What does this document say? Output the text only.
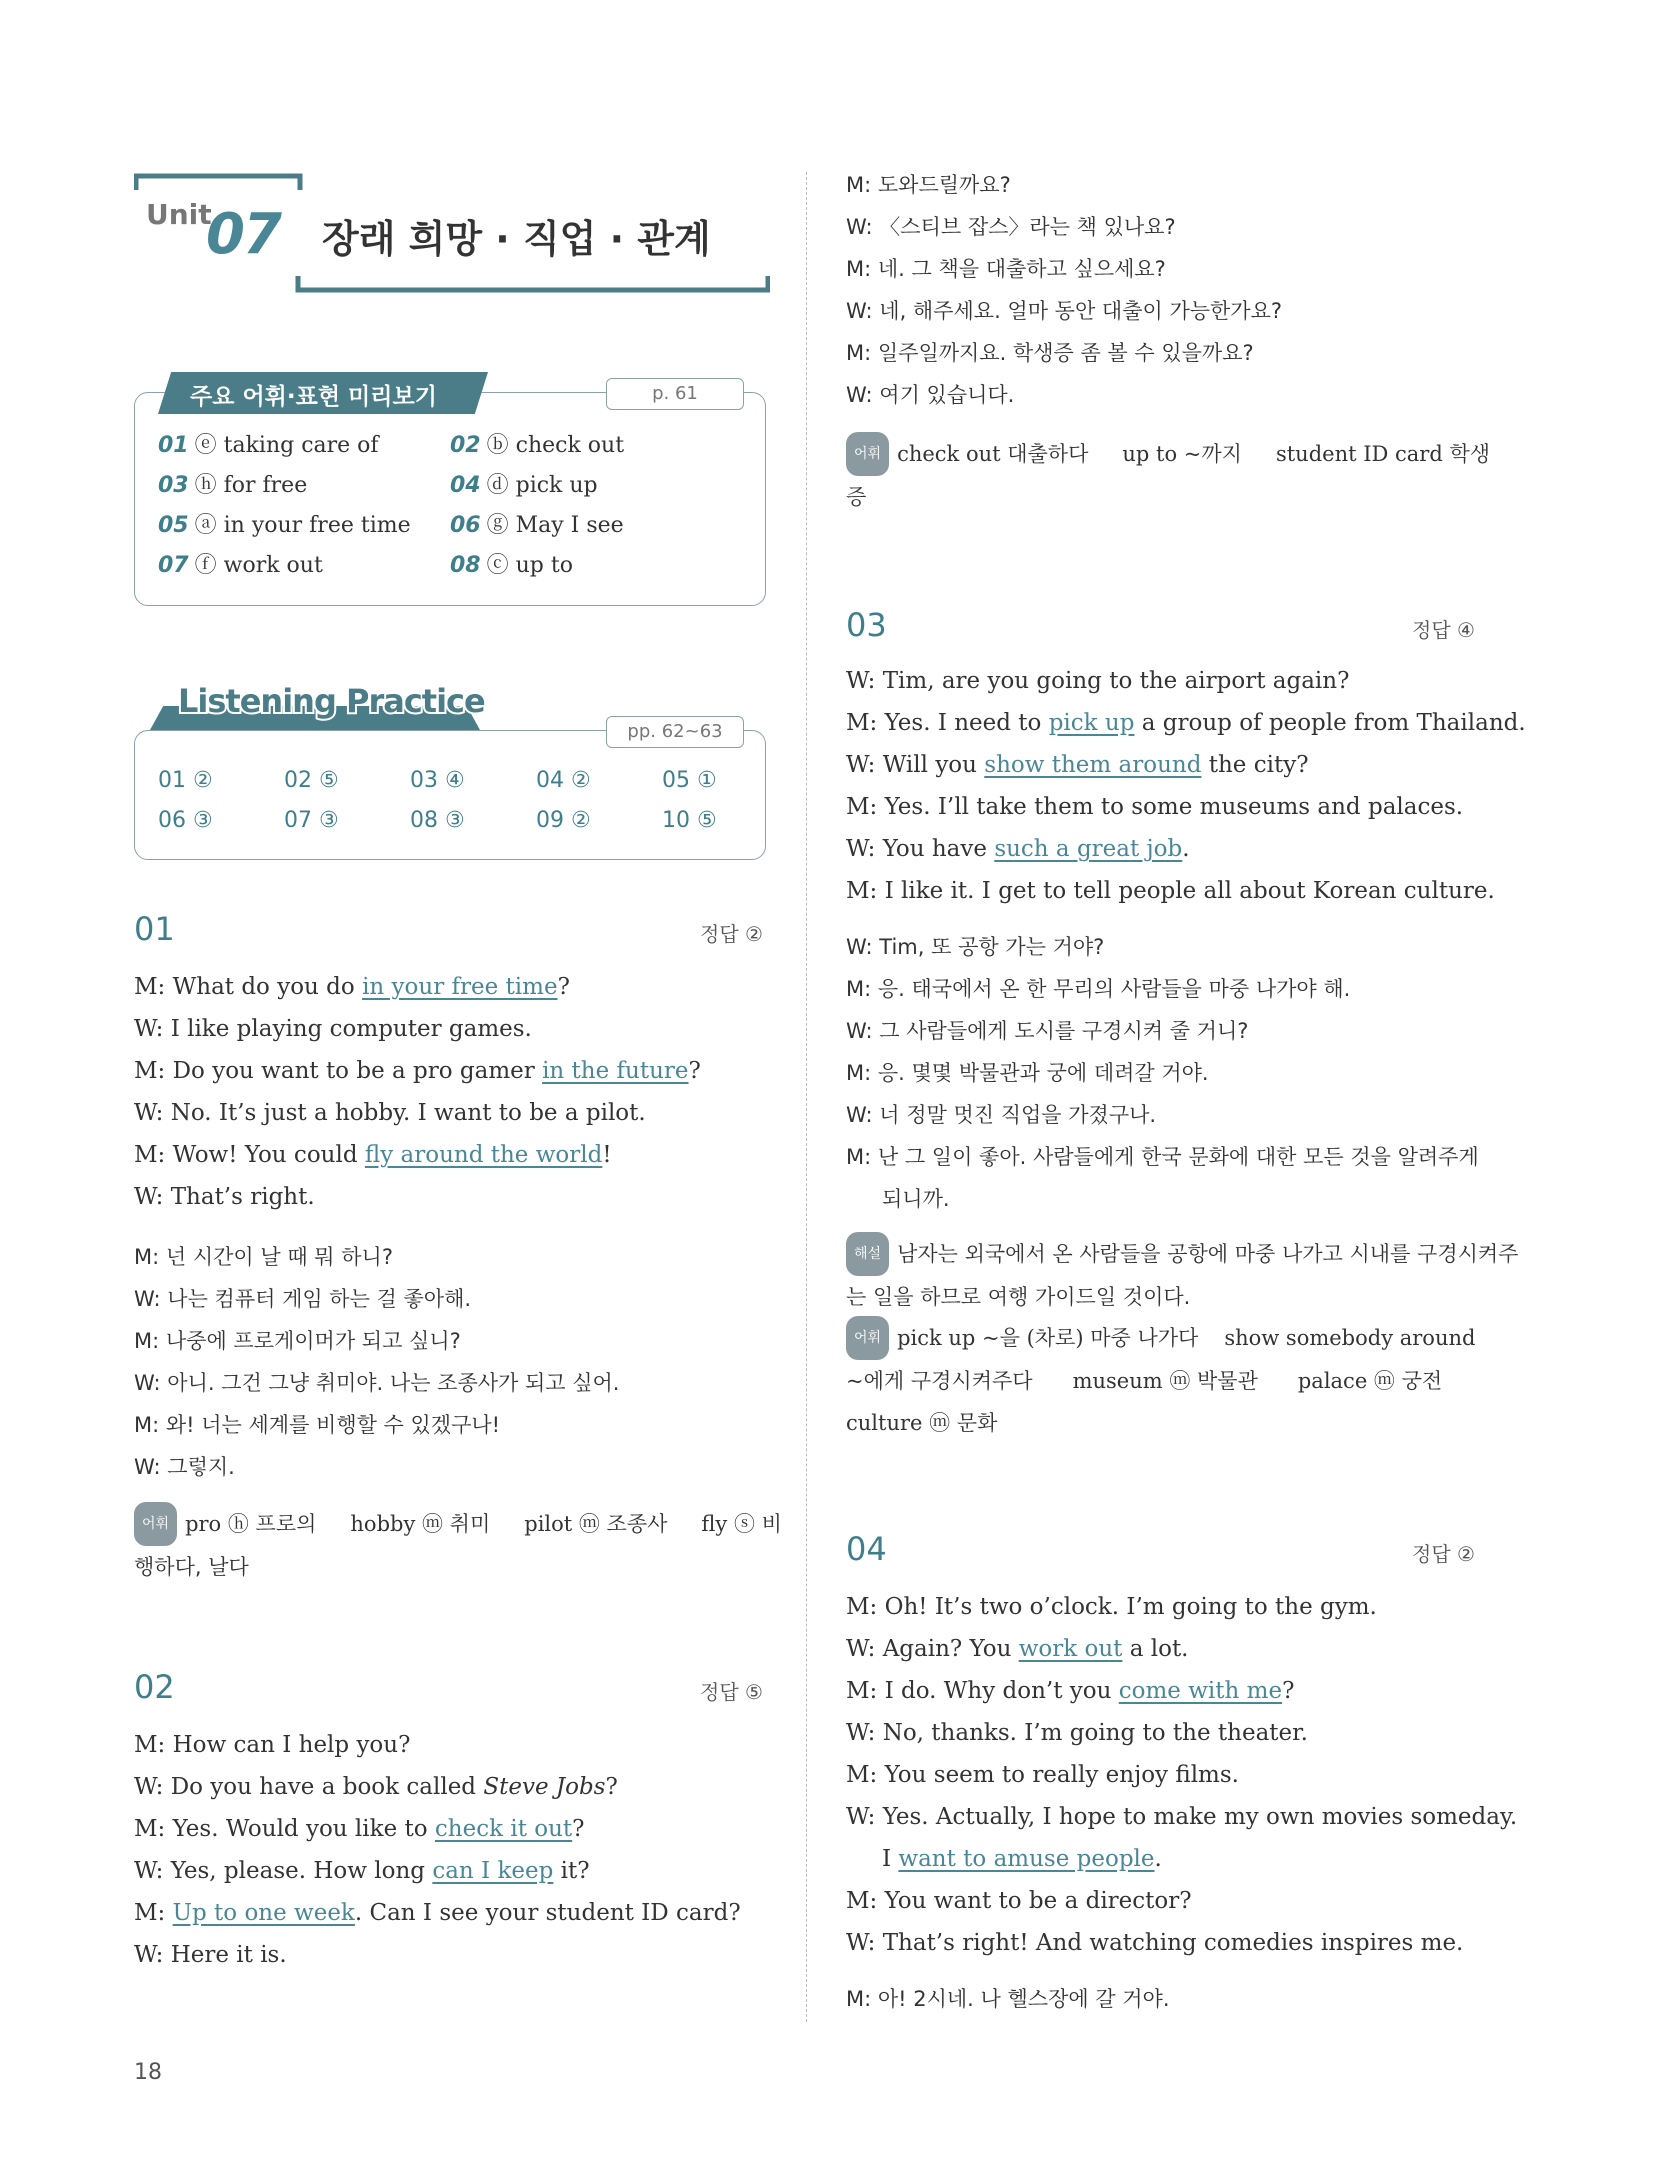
Unit
07 장래 희망 · 직업 · 관계
주요 어휘·표현 미리보기	p. 61
01 ⓔ taking care of	02 ⓑ check out
03 ⓗ for free	04 ⓓ pick up
05 ⓐ in your free time 06 ⓖ May I see
07 ⓕ work out	08 ⓒ up to
Listening Practice
pp. 62~63
01 ②	02 ⑤	03 ④	04 ②	05 ①
06 ③	07 ③	08 ③	09 ②	10 ⑤
01	정답 ②
M: What do you do in your free time?
W: I like playing computer games.
M: Do you want to be a pro gamer in the future?
W: No. It’s just a hobby. I want to be a pilot.
M: Wow! You could fly around the world!
W: That’s right.
M: 넌 시간이 날 때 뭐 하니?
W: 나는 컴퓨터 게임 하는 걸 좋아해.
M: 나중에 프로게이머가 되고 싶니?
W: 아니. 그건 그냥 취미야. 나는 조종사가 되고 싶어.
M: 와! 너는 세계를 비행할 수 있겠구나!
W: 그렇지.
어휘 pro ⓗ 프로의 hobby ⓜ 취미 pilot ⓜ 조종사 fly ⓢ 비
행하다, 날다
02	정답 ⑤
M: How can I help you?
W: Do you have a book called Steve Jobs?
M: Yes. Would you like to check it out?
W: Yes, please. How long can I keep it?
M: Up to one week. Can I see your student ID card?
W: Here it is.
M: 도와드릴까요?
W: 〈스티브 잡스〉라는 책 있나요?
M: 네. 그 책을 대출하고 싶으세요?
W: 네, 해주세요. 얼마 동안 대출이 가능한가요?
M: 일주일까지요. 학생증 좀 볼 수 있을까요?
W: 여기 있습니다.
어휘 check out 대출하다 up to ~까지 student ID card 학생
증
03	정답 ④
W: Tim, are you going to the airport again?
M: Yes. I need to pick up a group of people from Thailand.
W: Will you show them around the city?
M: Yes. I’ll take them to some museums and palaces.
W: You have such a great job.
M: I like it. I get to tell people all about Korean culture.
W: Tim, 또 공항 가는 거야?
M: 응. 태국에서 온 한 무리의 사람들을 마중 나가야 해.
W: 그 사람들에게 도시를 구경시켜 줄 거니?
M: 응. 몇몇 박물관과 궁에 데려갈 거야.
W: 너 정말 멋진 직업을 가졌구나.
M: 난 그 일이 좋아. 사람들에게 한국 문화에 대한 모든 것을 알려주게
되니까.
해설 남자는 외국에서 온 사람들을 공항에 마중 나가고 시내를 구경시켜주
는 일을 하므로 여행 가이드일 것이다.
어휘 pick up ~을 (차로) 마중 나가다 show somebody around
~에게 구경시켜주다 museum ⓜ 박물관 palace ⓜ 궁전
culture ⓜ 문화
04	정답 ②
M: Oh! It’s two o’clock. I’m going to the gym.
W: Again? You work out a lot.
M: I do. Why don’t you come with me?
W: No, thanks. I’m going to the theater.
M: You seem to really enjoy films.
W: Yes. Actually, I hope to make my own movies someday.
I want to amuse people.
M: You want to be a director?
W: That’s right! And watching comedies inspires me.
M: 아! 2시네. 나 헬스장에 갈 거야.
18
